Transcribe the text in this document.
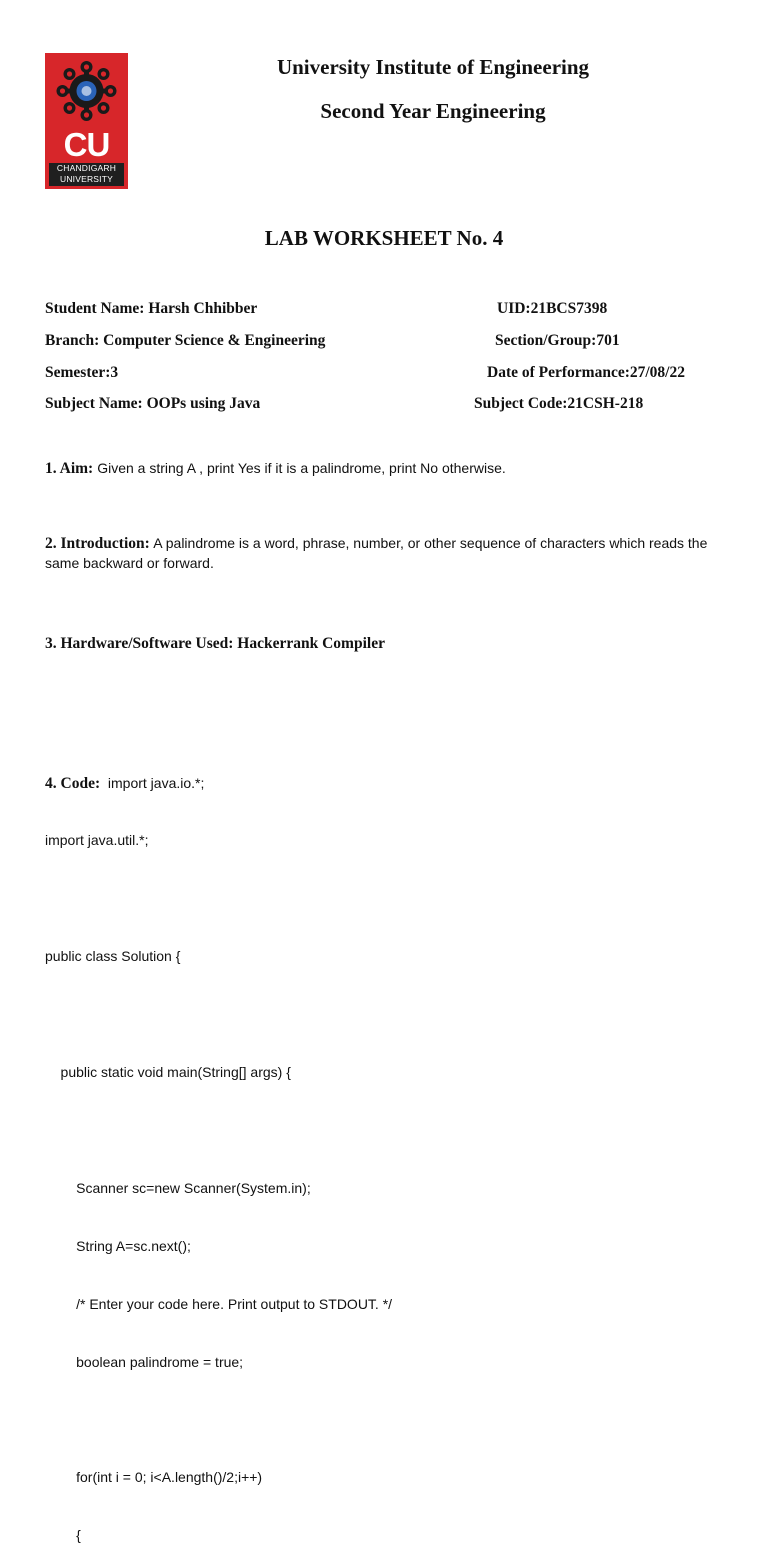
CU
CHANDIGARH
UNIVERSITY
University Institute of Engineering
Second Year Engineering
LAB WORKSHEET No. 4
Student Name: Harsh Chhibber	UID:21BCS7398
Branch: Computer Science & Engineering	Section/Group:701
Semester:3	Date of Performance:27/08/22
Subject Name: OOPs using Java	Subject Code:21CSH-218
1. Aim: Given a string A , print Yes if it is a palindrome, print No otherwise.
2. Introduction: A palindrome is a word, phrase, number, or other sequence of characters which reads the same backward or forward.
3. Hardware/Software Used: Hackerrank Compiler

4. Code:  import java.io.*;

import java.util.*;

public class Solution {

public static void main(String[] args) {

Scanner sc=new Scanner(System.in);

String A=sc.next();

/* Enter your code here. Print output to STDOUT. */

boolean palindrome = true;

for(int i = 0; i<A.length()/2;i++)

{
